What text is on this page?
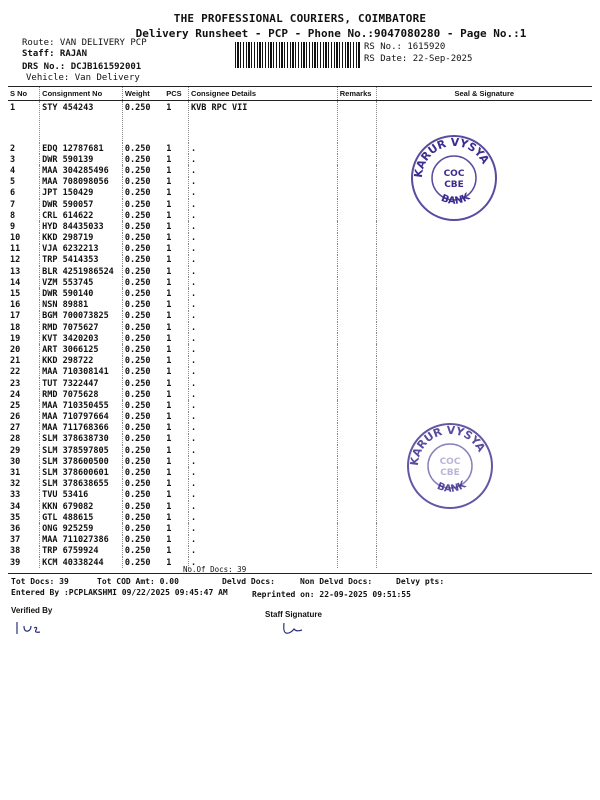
THE PROFESSIONAL COURIERS, COIMBATORE
Delivery Runsheet - PCP - Phone No.:9047080280 - Page No.:1
Route: VAN DELIVERY PCP
Staff: RAJAN
DRS No.: DCJB161592001
Vehicle: Van Delivery
RS No.: 1615920
RS Date: 22-Sep-2025
S No	Consignment No	Weight	PCS	Consignee Details	Remarks	Seal & Signature
1	STY 454243	0.250	1	KVB RPC VII		
2	EDQ 12787681	0.250	1	.		
3	DWR 590139	0.250	1	.		
4	MAA 304285496	0.250	1	.		
5	MAA 708098056	0.250	1	.		
6	JPT 150429	0.250	1	.		
7	DWR 590057	0.250	1	.		
8	CRL 614622	0.250	1	.		
9	HYD 84435033	0.250	1	.		
10	KKD 298719	0.250	1	.		
11	VJA 6232213	0.250	1	.		
12	TRP 5414353	0.250	1	.		
13	BLR 4251986524	0.250	1	.		
14	VZM 553745	0.250	1	.		
15	DWR 590140	0.250	1	.		
16	NSN 89881	0.250	1	.		
17	BGM 700073825	0.250	1	.		
18	RMD 7075627	0.250	1	.		
19	KVT 3420203	0.250	1	.		
20	ART 3066125	0.250	1	.		
21	KKD 298722	0.250	1	.		
22	MAA 710308141	0.250	1	.		
23	TUT 7322447	0.250	1	.		
24	RMD 7075628	0.250	1	.		
25	MAA 710350455	0.250	1	.		
26	MAA 710797664	0.250	1	.		
27	MAA 711768366	0.250	1	.		
28	SLM 378638730	0.250	1	.		
29	SLM 378597805	0.250	1	.		
30	SLM 378600500	0.250	1	.		
31	SLM 378600601	0.250	1	.		
32	SLM 378638655	0.250	1	.		
33	TVU 53416	0.250	1	.		
34	KKN 679082	0.250	1	.		
35	GTL 488615	0.250	1	.		
36	ONG 925259	0.250	1	.		
37	MAA 711027386	0.250	1	.		
38	TRP 6759924	0.250	1	.		
39	KCM 40338244	0.250	1	.		
No.Of Docs: 39
Tot Docs: 39	Tot COD Amt: 0.00	Delvd Docs:	Non Delvd Docs:	Delvy pts:
Entered By :PCPLAKSHMI 09/22/2025 09:45:47 AM	Reprinted on: 22-09-2025 09:51:55
Verified By	Staff Signature
KARUR VYSYA
BANK
COC
CBE
KARUR VYSYA
BANK
COC
CBE
